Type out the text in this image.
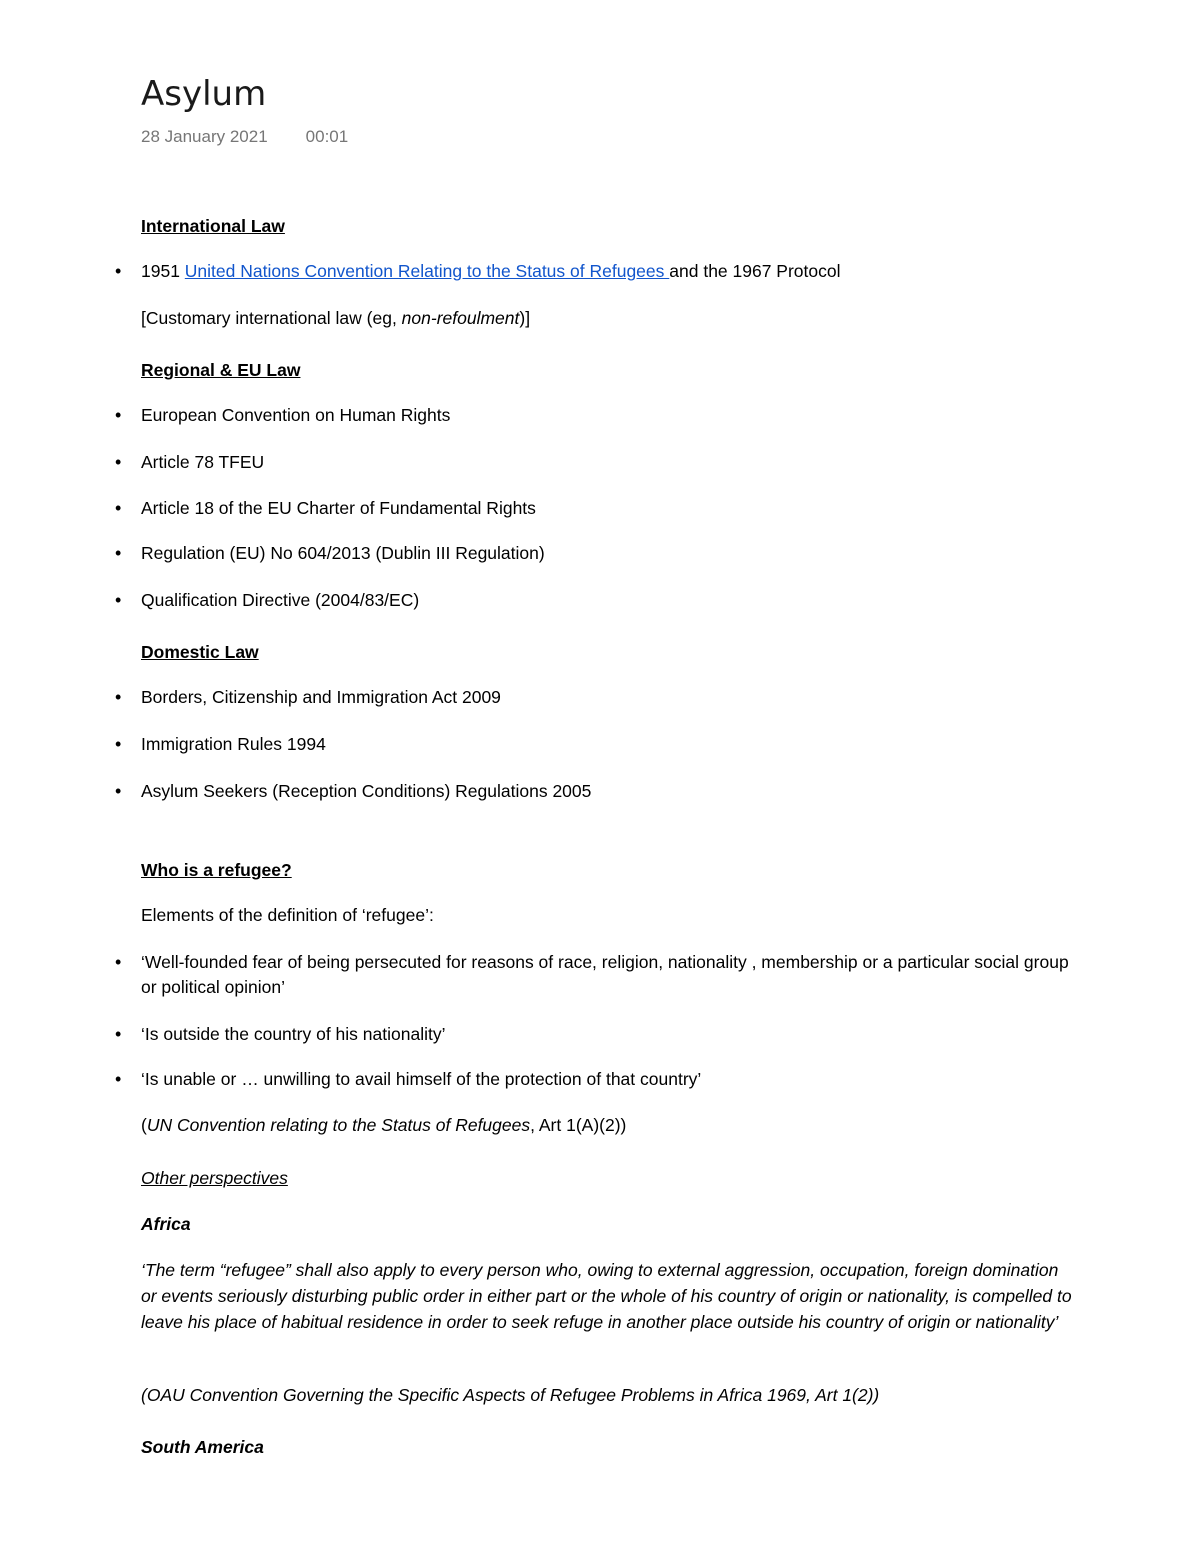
Asylum
28 January 2021 00:01
International Law
• 1951 United Nations Convention Relating to the Status of Refugees and the 1967 Protocol
[Customary international law (eg, non-refoulment)]
Regional & EU Law
• European Convention on Human Rights
• Article 78 TFEU
• Article 18 of the EU Charter of Fundamental Rights
• Regulation (EU) No 604/2013 (Dublin III Regulation)
• Qualification Directive (2004/83/EC)
Domestic Law
• Borders, Citizenship and Immigration Act 2009
• Immigration Rules 1994
• Asylum Seekers (Reception Conditions) Regulations 2005
Who is a refugee?
Elements of the definition of ‘refugee’:
• ‘Well-founded fear of being persecuted for reasons of race, religion, nationality , membership or a particular social group or political opinion’
• ‘Is outside the country of his nationality’
• ‘Is unable or … unwilling to avail himself of the protection of that country’
(UN Convention relating to the Status of Refugees, Art 1(A)(2))
Other perspectives
Africa
‘The term “refugee” shall also apply to every person who, owing to external aggression, occupation, foreign domination or events seriously disturbing public order in either part or the whole of his country of origin or nationality, is compelled to leave his place of habitual residence in order to seek refuge in another place outside his country of origin or nationality’
(OAU Convention Governing the Specific Aspects of Refugee Problems in Africa 1969, Art 1(2))
South America
